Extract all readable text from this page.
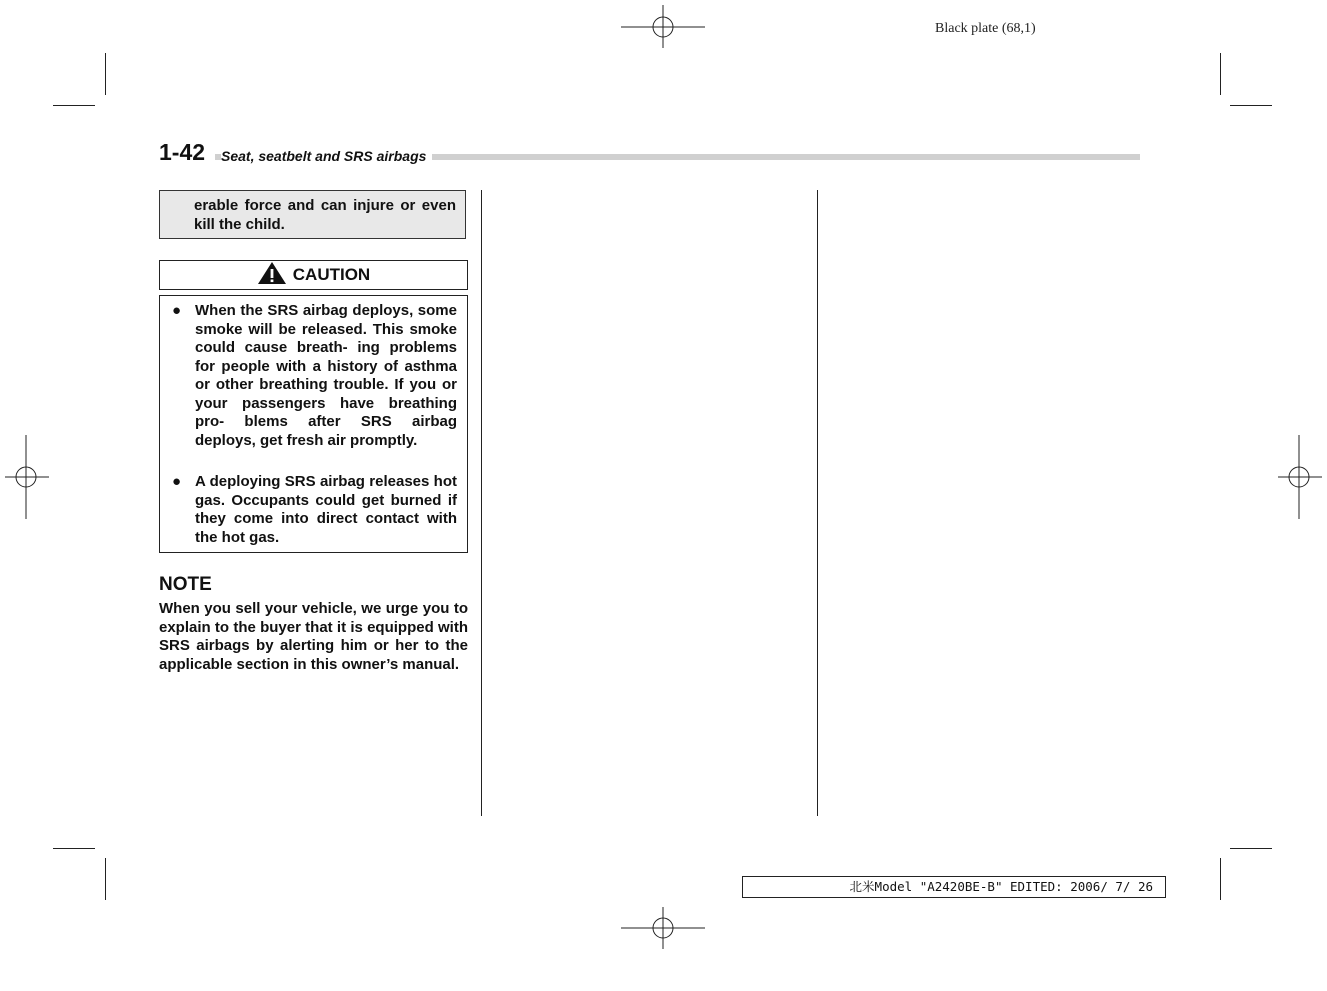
Black plate (68,1)
1-42	Seat, seatbelt and SRS airbags

erable force and can injure or even kill the child.

CAUTION
● When the SRS airbag deploys, some smoke will be released. This smoke could cause breath- ing problems for people with a history of asthma or other breathing trouble. If you or your passengers have breathing pro- blems after SRS airbag deploys, get fresh air promptly.

● A deploying SRS airbag releases hot gas. Occupants could get burned if they come into direct contact with the hot gas.

NOTE

When you sell your vehicle, we urge you to explain to the buyer that it is equipped with SRS airbags by alerting him or her to the applicable section in this owner’s manual.

北米Model "A2420BE-B" EDITED: 2006/ 7/ 26
